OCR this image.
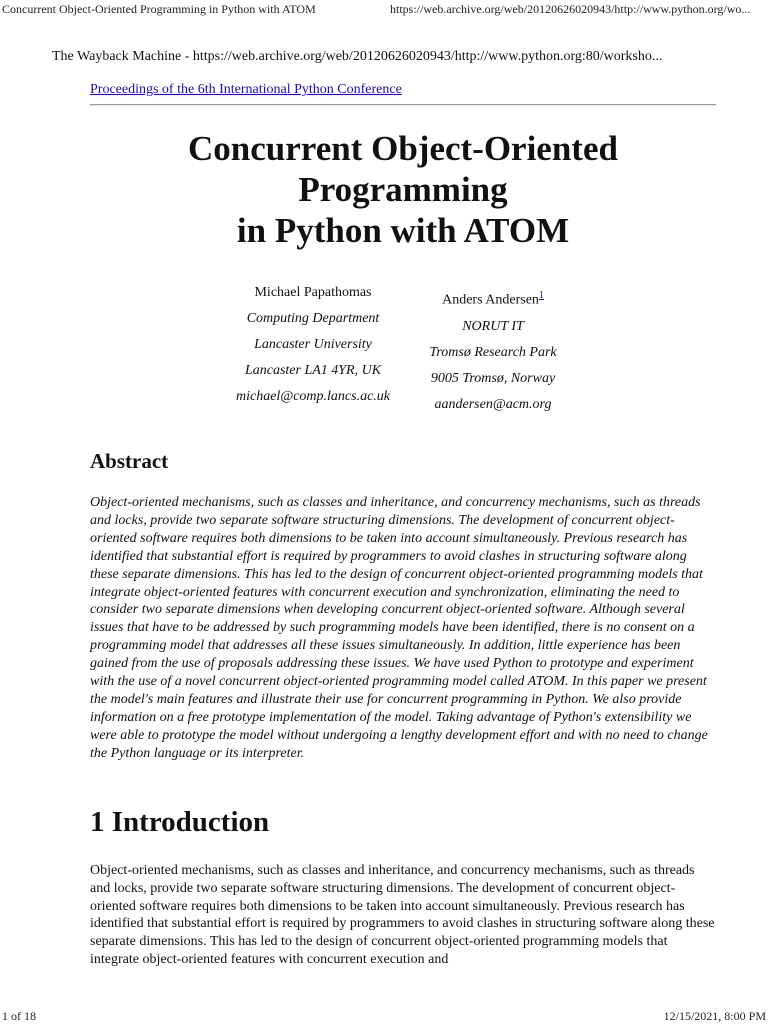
Concurrent Object-Oriented Programming in Python with ATOM	https://web.archive.org/web/20120626020943/http://www.python.org/wo...
The Wayback Machine - https://web.archive.org/web/20120626020943/http://www.python.org:80/worksho...
Proceedings of the 6th International Python Conference
Concurrent Object-Oriented
Programming
in Python with ATOM
Michael Papathomas
Computing Department
Lancaster University
Lancaster LA1 4YR, UK
michael@comp.lancs.ac.uk
Anders Andersen$^1$
NORUT IT
Tromsø Research Park
9005 Tromsø, Norway
aandersen@acm.org
Abstract

Object-oriented mechanisms, such as classes and inheritance, and concurrency mechanisms, such as threads and locks, provide two separate software structuring dimensions. The development of concurrent object-oriented software requires both dimensions to be taken into account simultaneously. Previous research has identified that substantial effort is required by programmers to avoid clashes in structuring software along these separate dimensions. This has led to the design of concurrent object-oriented programming models that integrate object-oriented features with concurrent execution and synchronization, eliminating the need to consider two separate dimensions when developing concurrent object-oriented software. Although several issues that have to be addressed by such programming models have been identified, there is no consent on a programming model that addresses all these issues simultaneously. In addition, little experience has been gained from the use of proposals addressing these issues. We have used Python to prototype and experiment with the use of a novel concurrent object-oriented programming model called ATOM. In this paper we present the model's main features and illustrate their use for concurrent programming in Python. We also provide information on a free prototype implementation of the model. Taking advantage of Python's extensibility we were able to prototype the model without undergoing a lengthy development effort and with no need to change the Python language or its interpreter.

1 Introduction

Object-oriented mechanisms, such as classes and inheritance, and concurrency mechanisms, such as threads and locks, provide two separate software structuring dimensions. The development of concurrent object-oriented software requires both dimensions to be taken into account simultaneously. Previous research has identified that substantial effort is required by programmers to avoid clashes in structuring software along these separate dimensions. This has led to the design of concurrent object-oriented programming models that integrate object-oriented features with concurrent execution and

1 of 18	12/15/2021, 8:00 PM
